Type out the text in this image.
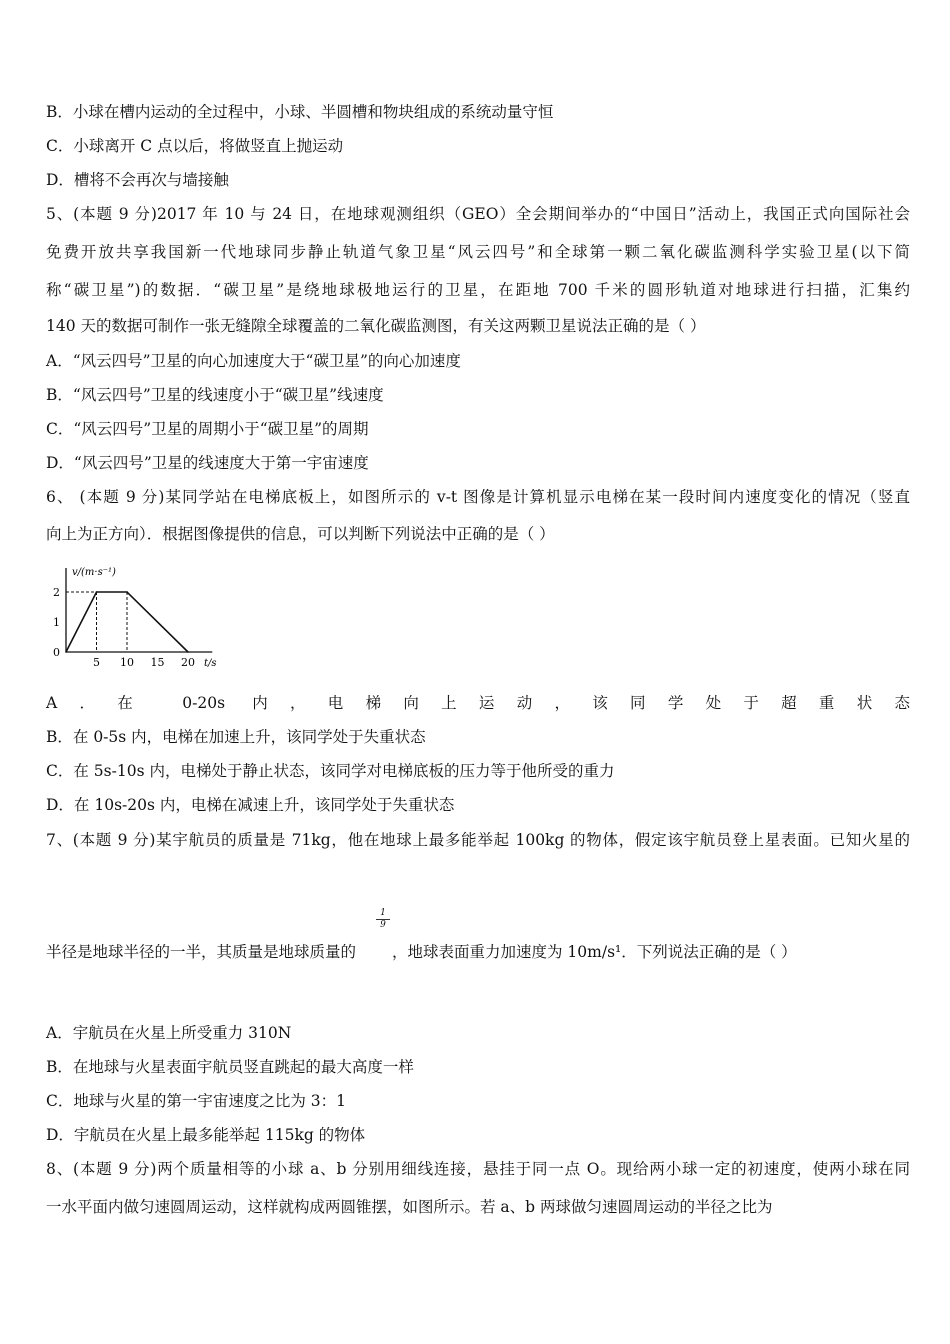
B．小球在槽内运动的全过程中，小球、半圆槽和物块组成的系统动量守恒

C．小球离开 C 点以后，将做竖直上抛运动

D．槽将不会再次与墙接触

5、(本题 9 分)2017 年 10 与 24 日，在地球观测组织（GEO）全会期间举办的“中国日”活动上，我国正式向国际社会

免费开放共享我国新一代地球同步静止轨道气象卫星“风云四号”和全球第一颗二氧化碳监测科学实验卫星(以下简

称“碳卫星”)的数据．“碳卫星”是绕地球极地运行的卫星，在距地 700 千米的圆形轨道对地球进行扫描，汇集约

140 天的数据可制作一张无缝隙全球覆盖的二氧化碳监测图，有关这两颗卫星说法正确的是（ ）

A．“风云四号”卫星的向心加速度大于“碳卫星”的向心加速度

B．“风云四号”卫星的线速度小于“碳卫星”线速度

C．“风云四号”卫星的周期小于“碳卫星”的周期

D．“风云四号”卫星的线速度大于第一宇宙速度

6、 (本题 9 分)某同学站在电梯底板上，如图所示的 v-t 图像是计算机显示电梯在某一段时间内速度变化的情况（竖直

向上为正方向）．根据图像提供的信息，可以判断下列说法中正确的是（ ）

5 10 15 20
0
1
2
v/(m·s⁻¹)
t/s

A．在 0-20s 内，电梯向上运动，该同学处于超重状态

B．在 0-5s 内，电梯在加速上升，该同学处于失重状态

C．在 5s-10s 内，电梯处于静止状态，该同学对电梯底板的压力等于他所受的重力

D．在 10s-20s 内，电梯在减速上升，该同学处于失重状态

7、(本题 9 分)某宇航员的质量是 71kg，他在地球上最多能举起 100kg 的物体，假定该宇航员登上星表面。已知火星的

半径是地球半径的一半，其质量是地球质量的

$\frac{1}{9}$

，地球表面重力加速度为 10m/s¹．下列说法正确的是（ ）

A．宇航员在火星上所受重力 310N

B．在地球与火星表面宇航员竖直跳起的最大高度一样

C．地球与火星的第一宇宙速度之比为 3：1

D．宇航员在火星上最多能举起 115kg 的物体

8、(本题 9 分)两个质量相等的小球 a、b 分别用细线连接，悬挂于同一点 O。现给两小球一定的初速度，使两小球在同

一水平面内做匀速圆周运动，这样就构成两圆锥摆，如图所示。若 a、b 两球做匀速圆周运动的半径之比为
